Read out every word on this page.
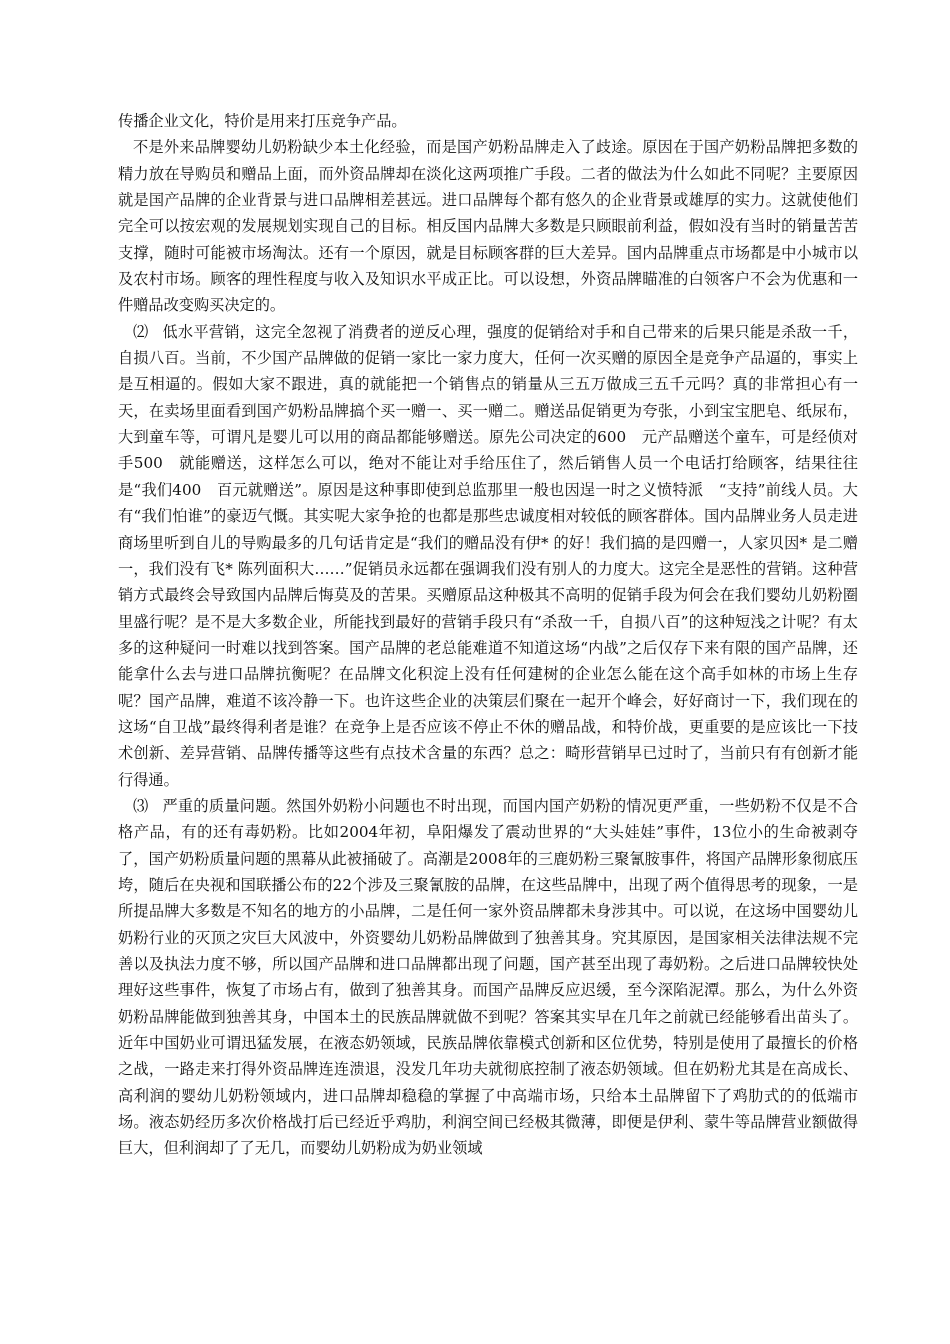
传播企业文化，特价是用来打压竞争产品。

不是外来品牌婴幼儿奶粉缺少本土化经验，而是国产奶粉品牌走入了歧途。原因在于国产奶粉品牌把多数的精力放在导购员和赠品上面，而外资品牌却在淡化这两项推广手段。二者的做法为什么如此不同呢？主要原因就是国产品牌的企业背景与进口品牌相差甚远。进口品牌每个都有悠久的企业背景或雄厚的实力。这就使他们完全可以按宏观的发展规划实现自己的目标。相反国内品牌大多数是只顾眼前利益，假如没有当时的销量苦苦支撑，随时可能被市场淘汰。还有一个原因，就是目标顾客群的巨大差异。国内品牌重点市场都是中小城市以及农村市场。顾客的理性程度与收入及知识水平成正比。可以设想，外资品牌瞄准的白领客户不会为优惠和一件赠品改变购买决定的。

⑵ 低水平营销，这完全忽视了消费者的逆反心理，强度的促销给对手和自己带来的后果只能是杀敌一千，自损八百。当前，不少国产品牌做的促销一家比一家力度大，任何一次买赠的原因全是竞争产品逼的，事实上是互相逼的。假如大家不跟进，真的就能把一个销售点的销量从三五万做成三五千元吗？真的非常担心有一天，在卖场里面看到国产奶粉品牌搞个买一赠一、买一赠二。赠送品促销更为夸张，小到宝宝肥皂、纸尿布，大到童车等，可谓凡是婴儿可以用的商品都能够赠送。原先公司决定的600　元产品赠送个童车，可是经侦对手500　就能赠送，这样怎么可以，绝对不能让对手给压住了，然后销售人员一个电话打给顾客，结果往往是“我们400　百元就赠送”。原因是这种事即使到总监那里一般也因逞一时之义愤特派　“支持”前线人员。大有“我们怕谁”的豪迈气慨。其实呢大家争抢的也都是那些忠诚度相对较低的顾客群体。国内品牌业务人员走进商场里听到自儿的导购最多的几句话肯定是“我们的赠品没有伊* 的好！我们搞的是四赠一，人家贝因* 是二赠一，我们没有飞* 陈列面积大……”促销员永远都在强调我们没有别人的力度大。这完全是恶性的营销。这种营销方式最终会导致国内品牌后悔莫及的苦果。买赠原品这种极其不高明的促销手段为何会在我们婴幼儿奶粉圈里盛行呢？是不是大多数企业，所能找到最好的营销手段只有“杀敌一千，自损八百”的这种短浅之计呢？有太多的这种疑问一时难以找到答案。国产品牌的老总能难道不知道这场“内战”之后仅存下来有限的国产品牌，还能拿什么去与进口品牌抗衡呢？在品牌文化积淀上没有任何建树的企业怎么能在这个高手如林的市场上生存呢？国产品牌，难道不该冷静一下。也许这些企业的决策层们聚在一起开个峰会，好好商讨一下，我们现在的这场“自卫战”最终得利者是谁？在竞争上是否应该不停止不休的赠品战，和特价战，更重要的是应该比一下技术创新、差异营销、品牌传播等这些有点技术含量的东西？总之：畸形营销早已过时了，当前只有有创新才能行得通。

⑶ 严重的质量问题。然国外奶粉小问题也不时出现，而国内国产奶粉的情况更严重，一些奶粉不仅是不合格产品，有的还有毒奶粉。比如2004年初，阜阳爆发了震动世界的“大头娃娃”事件，13位小的生命被剥夺了，国产奶粉质量问题的黑幕从此被捅破了。高潮是2008年的三鹿奶粉三聚氰胺事件，将国产品牌形象彻底压垮，随后在央视和国联播公布的22个涉及三聚氰胺的品牌，在这些品牌中，出现了两个值得思考的现象，一是所提品牌大多数是不知名的地方的小品牌，二是任何一家外资品牌都未身涉其中。可以说，在这场中国婴幼儿奶粉行业的灭顶之灾巨大风波中，外资婴幼儿奶粉品牌做到了独善其身。究其原因，是国家相关法律法规不完善以及执法力度不够，所以国产品牌和进口品牌都出现了问题，国产甚至出现了毒奶粉。之后进口品牌较快处理好这些事件，恢复了市场占有，做到了独善其身。而国产品牌反应迟缓，至今深陷泥潭。那么，为什么外资奶粉品牌能做到独善其身，中国本土的民族品牌就做不到呢？答案其实早在几年之前就已经能够看出苗头了。近年中国奶业可谓迅猛发展，在液态奶领域，民族品牌依靠模式创新和区位优势，特别是使用了最擅长的价格之战，一路走来打得外资品牌连连溃退，没发几年功夫就彻底控制了液态奶领域。但在奶粉尤其是在高成长、高利润的婴幼儿奶粉领域内，进口品牌却稳稳的掌握了中高端市场，只给本土品牌留下了鸡肋式的的低端市场。液态奶经历多次价格战打后已经近乎鸡肋，利润空间已经极其微薄，即便是伊利、蒙牛等品牌营业额做得巨大，但利润却了了无几，而婴幼儿奶粉成为奶业领域
